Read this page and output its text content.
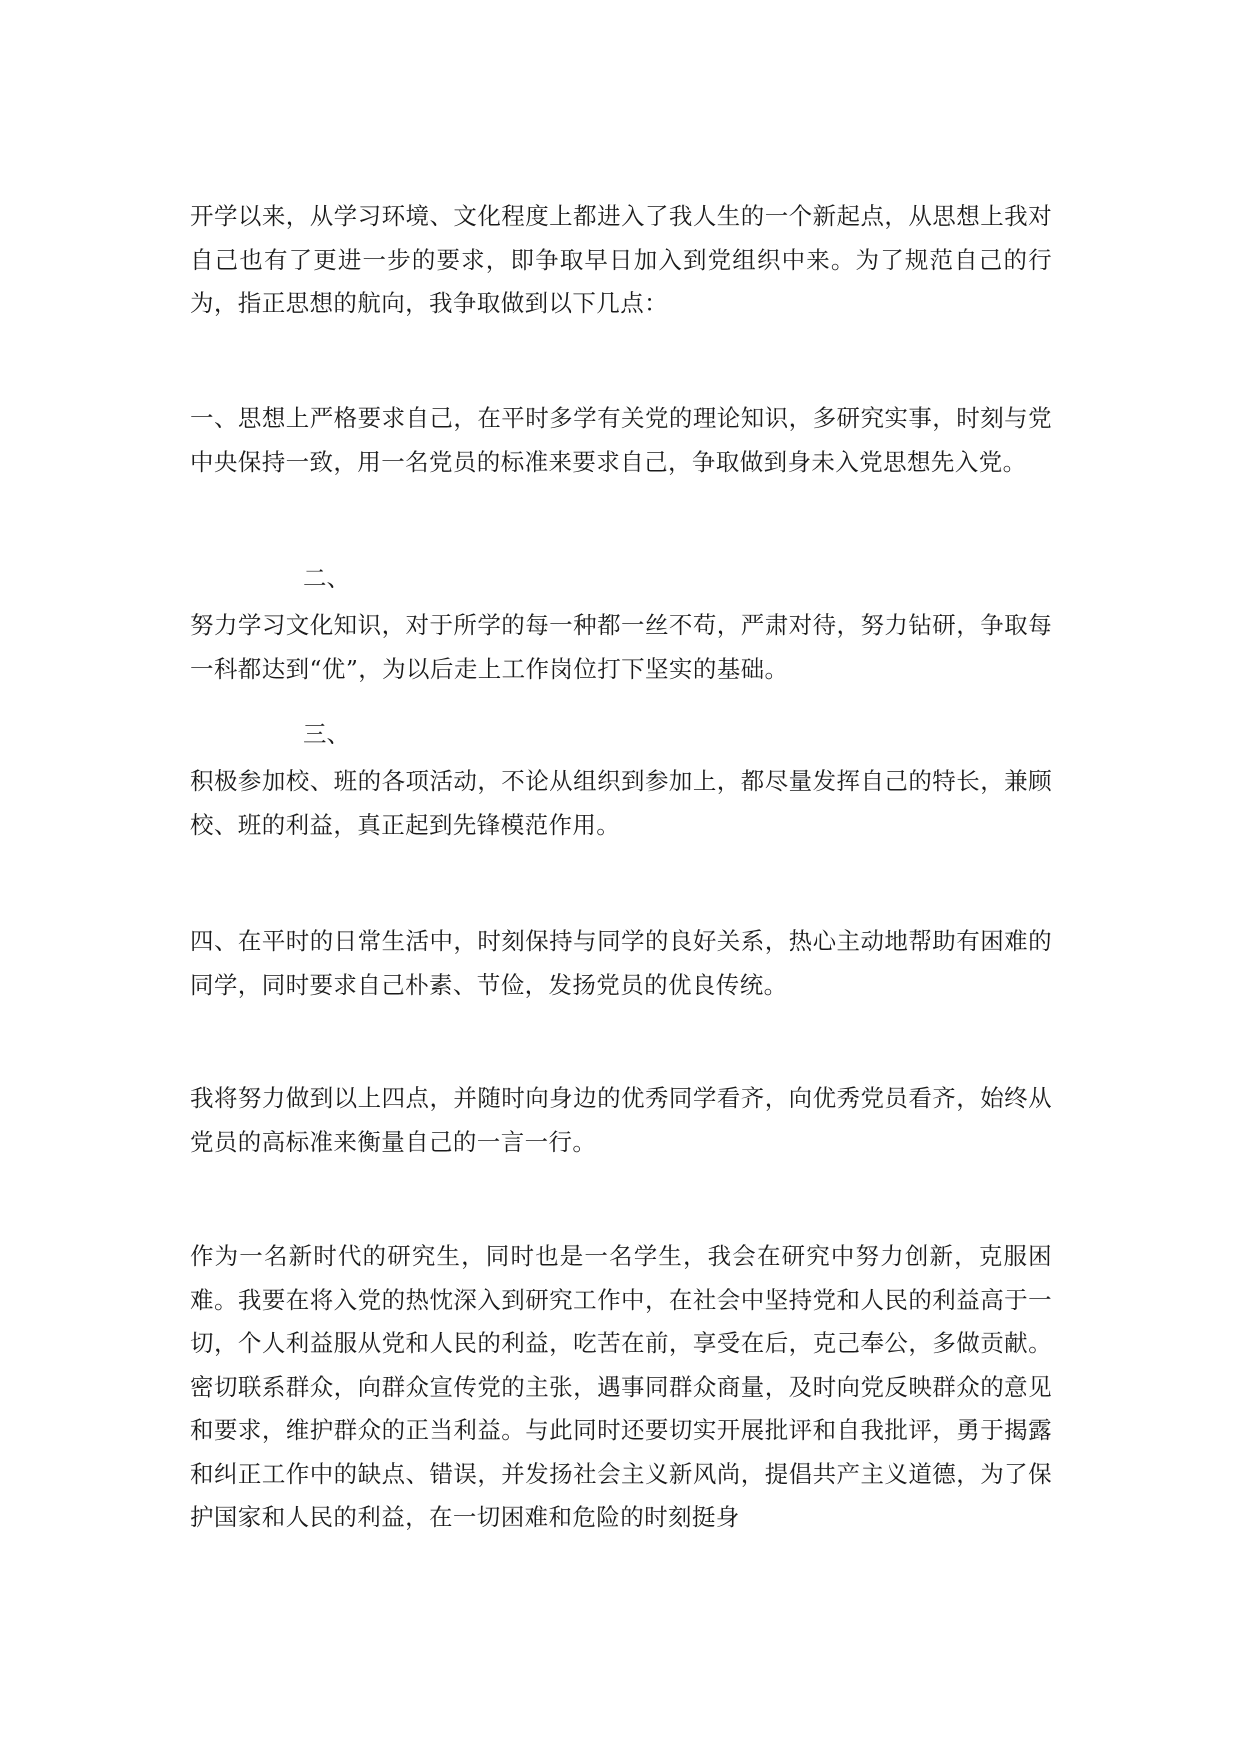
开学以来，从学习环境、文化程度上都进入了我人生的一个新起点，从思想上我对自己也有了更进一步的要求，即争取早日加入到党组织中来。为了规范自己的行为，指正思想的航向，我争取做到以下几点：

一、思想上严格要求自己，在平时多学有关党的理论知识，多研究实事，时刻与党中央保持一致，用一名党员的标准来要求自己，争取做到身未入党思想先入党。

二、

努力学习文化知识，对于所学的每一种都一丝不苟，严肃对待，努力钻研，争取每一科都达到“优”，为以后走上工作岗位打下坚实的基础。

三、

积极参加校、班的各项活动，不论从组织到参加上，都尽量发挥自己的特长，兼顾校、班的利益，真正起到先锋模范作用。

四、在平时的日常生活中，时刻保持与同学的良好关系，热心主动地帮助有困难的同学，同时要求自己朴素、节俭，发扬党员的优良传统。

我将努力做到以上四点，并随时向身边的优秀同学看齐，向优秀党员看齐，始终从党员的高标准来衡量自己的一言一行。

作为一名新时代的研究生，同时也是一名学生，我会在研究中努力创新，克服困难。我要在将入党的热忱深入到研究工作中，在社会中坚持党和人民的利益高于一切，个人利益服从党和人民的利益，吃苦在前，享受在后，克己奉公，多做贡献。密切联系群众，向群众宣传党的主张，遇事同群众商量，及时向党反映群众的意见和要求，维护群众的正当利益。与此同时还要切实开展批评和自我批评，勇于揭露和纠正工作中的缺点、错误，并发扬社会主义新风尚，提倡共产主义道德，为了保护国家和人民的利益，在一切困难和危险的时刻挺身
